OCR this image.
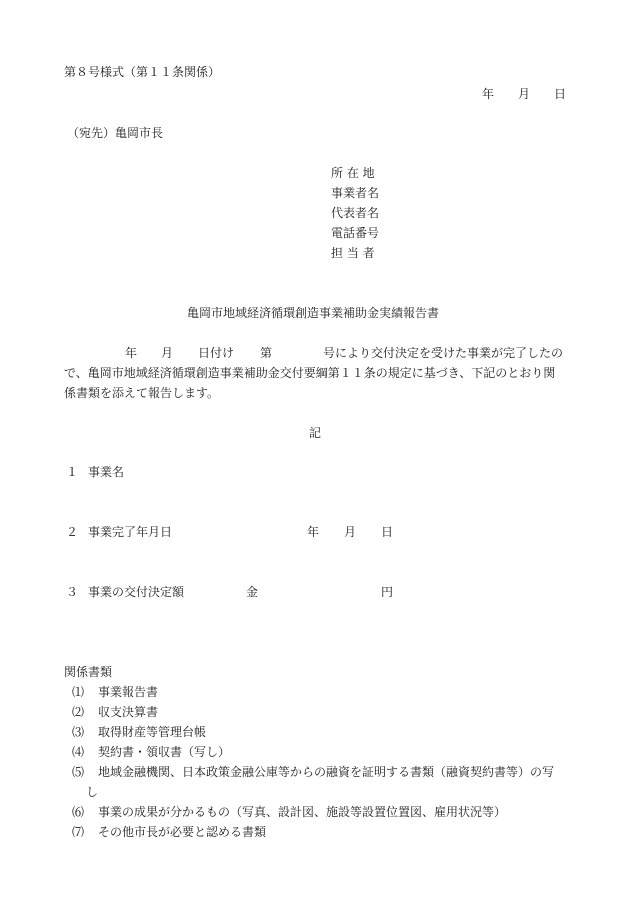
第８号様式（第１１条関係）
年 月 日
（宛先）亀岡市長
所 在 地
事業者名
代表者名
電話番号
担 当 者
亀岡市地域経済循環創造事業補助金実績報告書
年 月 日付け 第	号により交付決定を受けた事業が完了したの
で、亀岡市地域経済循環創造事業補助金交付要綱第１１条の規定に基づき、下記のとおり関
係書類を添えて報告します。
記
１ 事業名
２ 事業完了年月日	年 月 日
３ 事業の交付決定額	金	円
関係書類
⑴ 事業報告書
⑵ 収支決算書
⑶ 取得財産等管理台帳
⑷ 契約書・領収書（写し）
⑸ 地域金融機関、日本政策金融公庫等からの融資を証明する書類（融資契約書等）の写
し
⑹ 事業の成果が分かるもの（写真、設計図、施設等設置位置図、雇用状況等）
⑺ その他市長が必要と認める書類
